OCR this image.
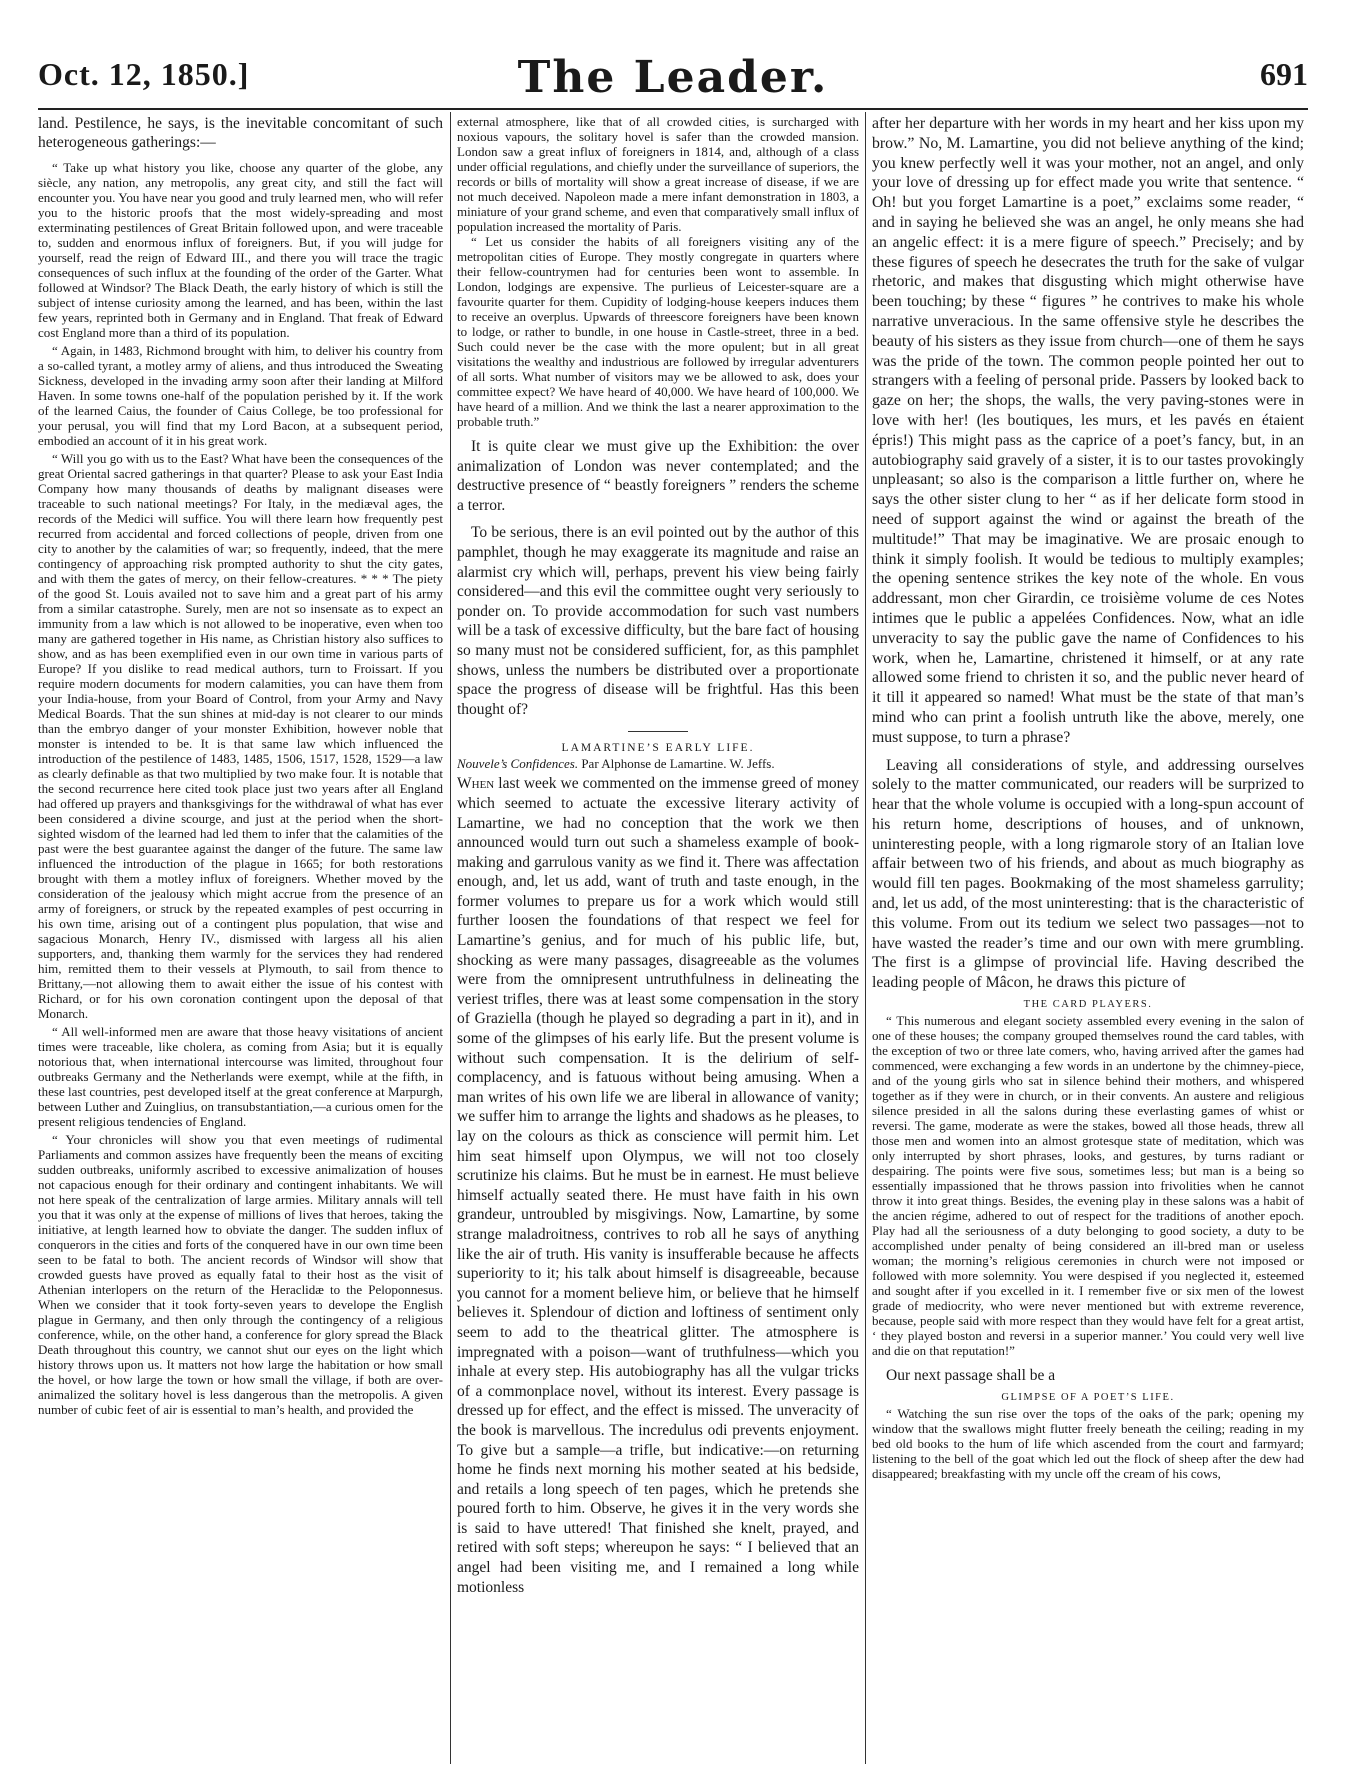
Oct. 12, 1850.]	The Leader.	691

land. Pestilence, he says, is the inevitable concomitant of such heterogeneous gatherings:—

“ Take up what history you like, choose any quarter of the globe, any siècle, any nation, any metropolis, any great city, and still the fact will encounter you. You have near you good and truly learned men, who will refer you to the historic proofs that the most widely-spreading and most exterminating pestilences of Great Britain followed upon, and were traceable to, sudden and enormous influx of foreigners. But, if you will judge for yourself, read the reign of Edward III., and there you will trace the tragic consequences of such influx at the founding of the order of the Garter. What followed at Windsor? The Black Death, the early history of which is still the subject of intense curiosity among the learned, and has been, within the last few years, reprinted both in Germany and in England. That freak of Edward cost England more than a third of its population.

“ Again, in 1483, Richmond brought with him, to deliver his country from a so-called tyrant, a motley army of aliens, and thus introduced the Sweating Sickness, developed in the invading army soon after their landing at Milford Haven. In some towns one-half of the population perished by it. If the work of the learned Caius, the founder of Caius College, be too professional for your perusal, you will find that my Lord Bacon, at a subsequent period, embodied an account of it in his great work.

“ Will you go with us to the East? What have been the consequences of the great Oriental sacred gatherings in that quarter? Please to ask your East India Company how many thousands of deaths by malignant diseases were traceable to such national meetings? For Italy, in the mediæval ages, the records of the Medici will suffice. You will there learn how frequently pest recurred from accidental and forced collections of people, driven from one city to another by the calamities of war; so frequently, indeed, that the mere contingency of approaching risk prompted authority to shut the city gates, and with them the gates of mercy, on their fellow-creatures. * * * The piety of the good St. Louis availed not to save him and a great part of his army from a similar catastrophe. Surely, men are not so insensate as to expect an immunity from a law which is not allowed to be inoperative, even when too many are gathered together in His name, as Christian history also suffices to show, and as has been exemplified even in our own time in various parts of Europe? If you dislike to read medical authors, turn to Froissart. If you require modern documents for modern calamities, you can have them from your India-house, from your Board of Control, from your Army and Navy Medical Boards. That the sun shines at mid-day is not clearer to our minds than the embryo danger of your monster Exhibition, however noble that monster is intended to be. It is that same law which influenced the introduction of the pestilence of 1483, 1485, 1506, 1517, 1528, 1529—a law as clearly definable as that two multiplied by two make four. It is notable that the second recurrence here cited took place just two years after all England had offered up prayers and thanksgivings for the withdrawal of what has ever been considered a divine scourge, and just at the period when the short-sighted wisdom of the learned had led them to infer that the calamities of the past were the best guarantee against the danger of the future. The same law influenced the introduction of the plague in 1665; for both restorations brought with them a motley influx of foreigners. Whether moved by the consideration of the jealousy which might accrue from the presence of an army of foreigners, or struck by the repeated examples of pest occurring in his own time, arising out of a contingent plus population, that wise and sagacious Monarch, Henry IV., dismissed with largess all his alien supporters, and, thanking them warmly for the services they had rendered him, remitted them to their vessels at Plymouth, to sail from thence to Brittany,—not allowing them to await either the issue of his contest with Richard, or for his own coronation contingent upon the deposal of that Monarch.

“ All well-informed men are aware that those heavy visitations of ancient times were traceable, like cholera, as coming from Asia; but it is equally notorious that, when international intercourse was limited, throughout four outbreaks Germany and the Netherlands were exempt, while at the fifth, in these last countries, pest developed itself at the great conference at Marpurgh, between Luther and Zuinglius, on transubstantiation,—a curious omen for the present religious tendencies of England.

“ Your chronicles will show you that even meetings of rudimental Parliaments and common assizes have frequently been the means of exciting sudden outbreaks, uniformly ascribed to excessive animalization of houses not capacious enough for their ordinary and contingent inhabitants. We will not here speak of the centralization of large armies. Military annals will tell you that it was only at the expense of millions of lives that heroes, taking the initiative, at length learned how to obviate the danger. The sudden influx of conquerors in the cities and forts of the conquered have in our own time been seen to be fatal to both. The ancient records of Windsor will show that crowded guests have proved as equally fatal to their host as the visit of Athenian interlopers on the return of the Heraclidæ to the Peloponnesus. When we consider that it took forty-seven years to develope the English plague in Germany, and then only through the contingency of a religious conference, while, on the other hand, a conference for glory spread the Black Death throughout this country, we cannot shut our eyes on the light which history throws upon us. It matters not how large the habitation or how small the hovel, or how large the town or how small the village, if both are over-animalized the solitary hovel is less dangerous than the metropolis. A given number of cubic feet of air is essential to man’s health, and provided the

external atmosphere, like that of all crowded cities, is surcharged with noxious vapours, the solitary hovel is safer than the crowded mansion. London saw a great influx of foreigners in 1814, and, although of a class under official regulations, and chiefly under the surveillance of superiors, the records or bills of mortality will show a great increase of disease, if we are not much deceived. Napoleon made a mere infant demonstration in 1803, a miniature of your grand scheme, and even that comparatively small influx of population increased the mortality of Paris.

“ Let us consider the habits of all foreigners visiting any of the metropolitan cities of Europe. They mostly congregate in quarters where their fellow-countrymen had for centuries been wont to assemble. In London, lodgings are expensive. The purlieus of Leicester-square are a favourite quarter for them. Cupidity of lodging-house keepers induces them to receive an overplus. Upwards of threescore foreigners have been known to lodge, or rather to bundle, in one house in Castle-street, three in a bed. Such could never be the case with the more opulent; but in all great visitations the wealthy and industrious are followed by irregular adventurers of all sorts. What number of visitors may we be allowed to ask, does your committee expect? We have heard of 40,000. We have heard of 100,000. We have heard of a million. And we think the last a nearer approximation to the probable truth.”

It is quite clear we must give up the Exhibition: the over animalization of London was never contemplated; and the destructive presence of “ beastly foreigners ” renders the scheme a terror.

To be serious, there is an evil pointed out by the author of this pamphlet, though he may exaggerate its magnitude and raise an alarmist cry which will, perhaps, prevent his view being fairly considered—and this evil the committee ought very seriously to ponder on. To provide accommodation for such vast numbers will be a task of excessive difficulty, but the bare fact of housing so many must not be considered sufficient, for, as this pamphlet shows, unless the numbers be distributed over a proportionate space the progress of disease will be frightful. Has this been thought of?

LAMARTINE’S EARLY LIFE.

Nouvele’s Confidences. Par Alphonse de Lamartine. W. Jeffs.

When last week we commented on the immense greed of money which seemed to actuate the excessive literary activity of Lamartine, we had no conception that the work we then announced would turn out such a shameless example of book-making and garrulous vanity as we find it. There was affectation enough, and, let us add, want of truth and taste enough, in the former volumes to prepare us for a work which would still further loosen the foundations of that respect we feel for Lamartine’s genius, and for much of his public life, but, shocking as were many passages, disagreeable as the volumes were from the omnipresent untruthfulness in delineating the veriest trifles, there was at least some compensation in the story of Graziella (though he played so degrading a part in it), and in some of the glimpses of his early life. But the present volume is without such compensation. It is the delirium of self-complacency, and is fatuous without being amusing. When a man writes of his own life we are liberal in allowance of vanity; we suffer him to arrange the lights and shadows as he pleases, to lay on the colours as thick as conscience will permit him. Let him seat himself upon Olympus, we will not too closely scrutinize his claims. But he must be in earnest. He must believe himself actually seated there. He must have faith in his own grandeur, untroubled by misgivings. Now, Lamartine, by some strange maladroitness, contrives to rob all he says of anything like the air of truth. His vanity is insufferable because he affects superiority to it; his talk about himself is disagreeable, because you cannot for a moment believe him, or believe that he himself believes it. Splendour of diction and loftiness of sentiment only seem to add to the theatrical glitter. The atmosphere is impregnated with a poison—want of truthfulness—which you inhale at every step. His autobiography has all the vulgar tricks of a commonplace novel, without its interest. Every passage is dressed up for effect, and the effect is missed. The unveracity of the book is marvellous. The incredulus odi prevents enjoyment. To give but a sample—a trifle, but indicative:—on returning home he finds next morning his mother seated at his bedside, and retails a long speech of ten pages, which he pretends she poured forth to him. Observe, he gives it in the very words she is said to have uttered! That finished she knelt, prayed, and retired with soft steps; whereupon he says: “ I believed that an angel had been visiting me, and I remained a long while motionless

after her departure with her words in my heart and her kiss upon my brow.” No, M. Lamartine, you did not believe anything of the kind; you knew perfectly well it was your mother, not an angel, and only your love of dressing up for effect made you write that sentence. “ Oh! but you forget Lamartine is a poet,” exclaims some reader, “ and in saying he believed she was an angel, he only means she had an angelic effect: it is a mere figure of speech.” Precisely; and by these figures of speech he desecrates the truth for the sake of vulgar rhetoric, and makes that disgusting which might otherwise have been touching; by these “ figures ” he contrives to make his whole narrative unveracious. In the same offensive style he describes the beauty of his sisters as they issue from church—one of them he says was the pride of the town. The common people pointed her out to strangers with a feeling of personal pride. Passers by looked back to gaze on her; the shops, the walls, the very paving-stones were in love with her! (les boutiques, les murs, et les pavés en étaient épris!) This might pass as the caprice of a poet’s fancy, but, in an autobiography said gravely of a sister, it is to our tastes provokingly unpleasant; so also is the comparison a little further on, where he says the other sister clung to her “ as if her delicate form stood in need of support against the wind or against the breath of the multitude!” That may be imaginative. We are prosaic enough to think it simply foolish. It would be tedious to multiply examples; the opening sentence strikes the key note of the whole. En vous addressant, mon cher Girardin, ce troisième volume de ces Notes intimes que le public a appelées Confidences. Now, what an idle unveracity to say the public gave the name of Confidences to his work, when he, Lamartine, christened it himself, or at any rate allowed some friend to christen it so, and the public never heard of it till it appeared so named! What must be the state of that man’s mind who can print a foolish untruth like the above, merely, one must suppose, to turn a phrase?

Leaving all considerations of style, and addressing ourselves solely to the matter communicated, our readers will be surprized to hear that the whole volume is occupied with a long-spun account of his return home, descriptions of houses, and of unknown, uninteresting people, with a long rigmarole story of an Italian love affair between two of his friends, and about as much biography as would fill ten pages. Bookmaking of the most shameless garrulity; and, let us add, of the most uninteresting: that is the characteristic of this volume. From out its tedium we select two passages—not to have wasted the reader’s time and our own with mere grumbling. The first is a glimpse of provincial life. Having described the leading people of Mâcon, he draws this picture of

THE CARD PLAYERS.

“ This numerous and elegant society assembled every evening in the salon of one of these houses; the company grouped themselves round the card tables, with the exception of two or three late comers, who, having arrived after the games had commenced, were exchanging a few words in an undertone by the chimney-piece, and of the young girls who sat in silence behind their mothers, and whispered together as if they were in church, or in their convents. An austere and religious silence presided in all the salons during these everlasting games of whist or reversi. The game, moderate as were the stakes, bowed all those heads, threw all those men and women into an almost grotesque state of meditation, which was only interrupted by short phrases, looks, and gestures, by turns radiant or despairing. The points were five sous, sometimes less; but man is a being so essentially impassioned that he throws passion into frivolities when he cannot throw it into great things. Besides, the evening play in these salons was a habit of the ancien régime, adhered to out of respect for the traditions of another epoch. Play had all the seriousness of a duty belonging to good society, a duty to be accomplished under penalty of being considered an ill-bred man or useless woman; the morning’s religious ceremonies in church were not imposed or followed with more solemnity. You were despised if you neglected it, esteemed and sought after if you excelled in it. I remember five or six men of the lowest grade of mediocrity, who were never mentioned but with extreme reverence, because, people said with more respect than they would have felt for a great artist, ‘ they played boston and reversi in a superior manner.’ You could very well live and die on that reputation!”

Our next passage shall be a

GLIMPSE OF A POET’S LIFE.

“ Watching the sun rise over the tops of the oaks of the park; opening my window that the swallows might flutter freely beneath the ceiling; reading in my bed old books to the hum of life which ascended from the court and farmyard; listening to the bell of the goat which led out the flock of sheep after the dew had disappeared; breakfasting with my uncle off the cream of his cows,
